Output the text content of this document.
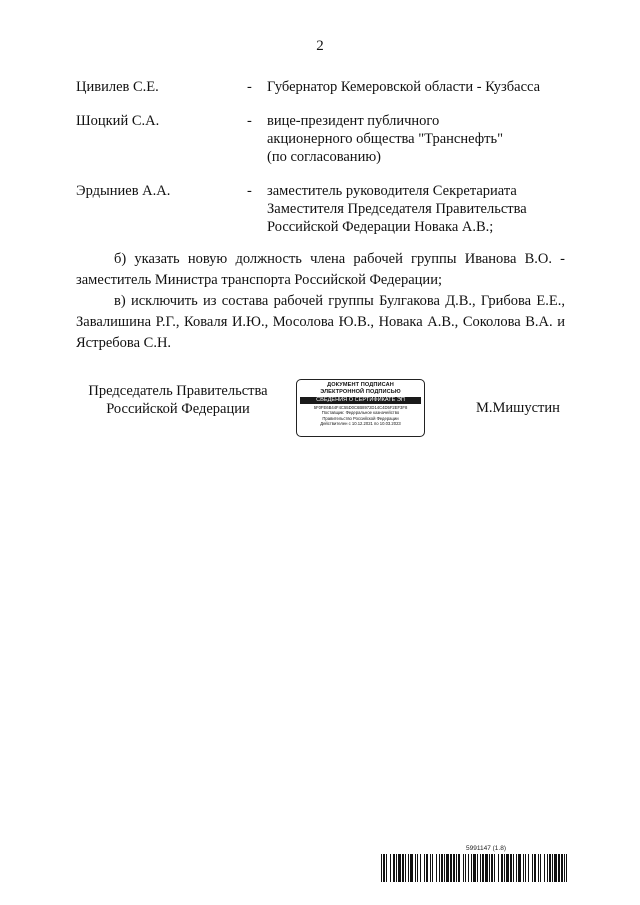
2
Цивилев С.Е.	- Губернатор Кемеровской области - Кузбасса
Шоцкий С.А.	- вице-президент публичного
акционерного общества "Транснефть"
(по согласованию)
Эрдыниев А.А.	- заместитель руководителя Секретариата
Заместителя Председателя Правительства
Российской Федерации Новака А.В.;

б) указать новую должность члена рабочей группы Иванова В.О. - заместитель Министра транспорта Российской Федерации;

в) исключить из состава рабочей группы Булгакова Д.В., Грибова Е.Е., Завалишина Р.Г., Коваля И.Ю., Мосолова Ю.В., Новака А.В., Соколова В.А. и Ястребова С.Н.

Председатель Правительства
Российской Федерации
ДОКУМЕНТ ПОДПИСАН
ЭЛЕКТРОННОЙ ПОДПИСЬЮ
СВЕДЕНИЯ О СЕРТИФИКАТЕ ЭП
5F0FE6B44F4C55D0C6B8972D14C4D5F2EF3F8
Поставщик: Федеральное казначейство
Правительство Российской Федерации
Действителен с 10.12.2021 по 10.03.2023
М.Мишустин
5991147 (1.8)
